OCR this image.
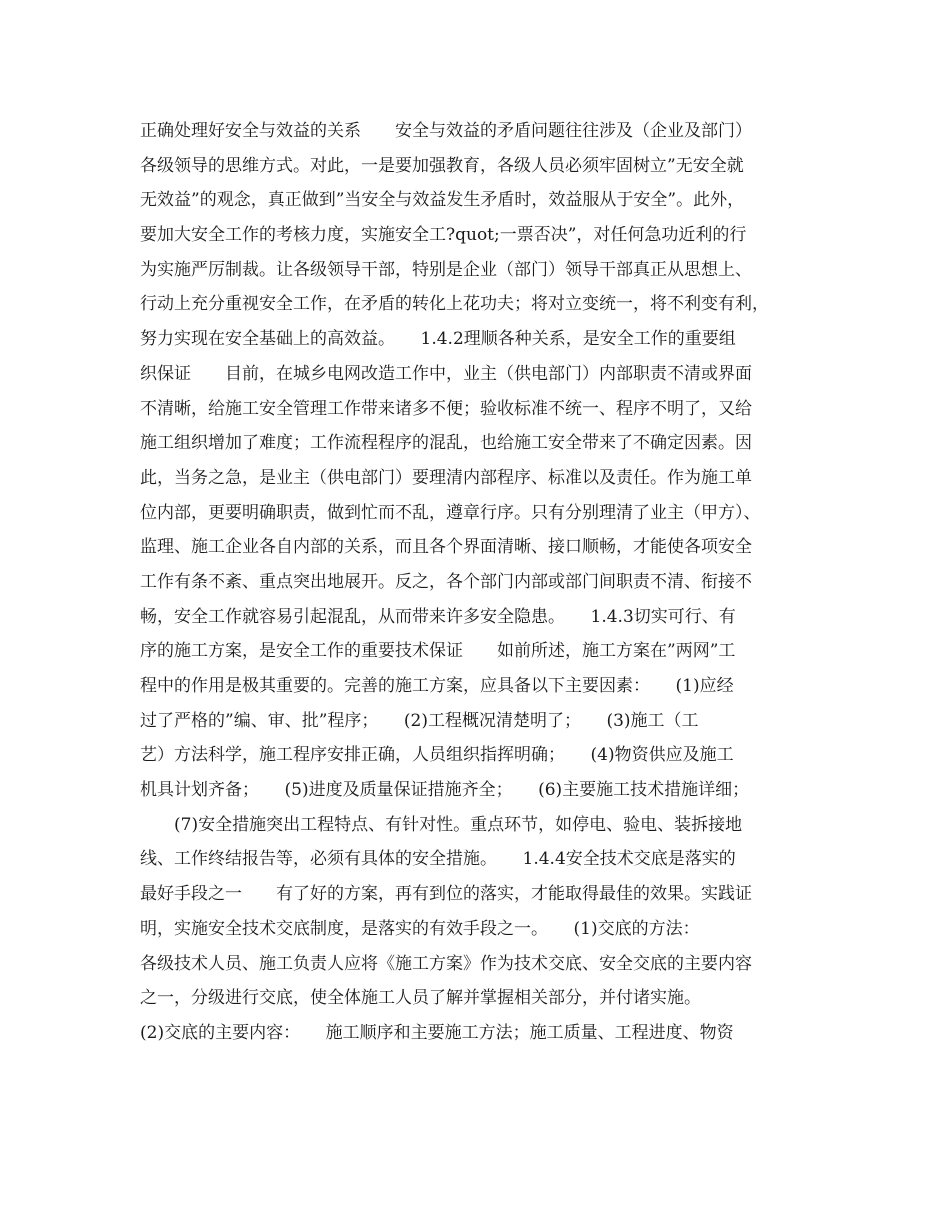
正确处理好安全与效益的关系　　安全与效益的矛盾问题往往涉及（企业及部门）
各级领导的思维方式。对此，一是要加强教育，各级人员必须牢固树立”无安全就
无效益”的观念，真正做到”当安全与效益发生矛盾时，效益服从于安全”。此外，
要加大安全工作的考核力度，实施安全工?quot;一票否决”，对任何急功近利的行
为实施严厉制裁。让各级领导干部，特别是企业（部门）领导干部真正从思想上、
行动上充分重视安全工作，在矛盾的转化上花功夫；将对立变统一，将不利变有利，
努力实现在安全基础上的高效益。　　1.4.2理顺各种关系，是安全工作的重要组
织保证　　目前，在城乡电网改造工作中，业主（供电部门）内部职责不清或界面
不清晰，给施工安全管理工作带来诸多不便；验收标准不统一、程序不明了，又给
施工组织增加了难度；工作流程程序的混乱，也给施工安全带来了不确定因素。因
此，当务之急，是业主（供电部门）要理清内部程序、标准以及责任。作为施工单
位内部，更要明确职责，做到忙而不乱，遵章行序。只有分别理清了业主（甲方）、
监理、施工企业各自内部的关系，而且各个界面清晰、接口顺畅，才能使各项安全
工作有条不紊、重点突出地展开。反之，各个部门内部或部门间职责不清、衔接不
畅，安全工作就容易引起混乱，从而带来许多安全隐患。　　1.4.3切实可行、有
序的施工方案，是安全工作的重要技术保证　　如前所述，施工方案在”两网”工
程中的作用是极其重要的。完善的施工方案，应具备以下主要因素：　　(1)应经
过了严格的”编、审、批”程序；　　(2)工程概况清楚明了；　　(3)施工（工
艺）方法科学，施工程序安排正确，人员组织指挥明确；　　(4)物资供应及施工
机具计划齐备；　　(5)进度及质量保证措施齐全；　　(6)主要施工技术措施详细；
　　(7)安全措施突出工程特点、有针对性。重点环节，如停电、验电、装拆接地
线、工作终结报告等，必须有具体的安全措施。　　1.4.4安全技术交底是落实的
最好手段之一　　有了好的方案，再有到位的落实，才能取得最佳的效果。实践证
明，实施安全技术交底制度，是落实的有效手段之一。　　(1)交底的方法：
各级技术人员、施工负责人应将《施工方案》作为技术交底、安全交底的主要内容
之一，分级进行交底，使全体施工人员了解并掌握相关部分，并付诸实施。
(2)交底的主要内容：　　施工顺序和主要施工方法；施工质量、工程进度、物资
